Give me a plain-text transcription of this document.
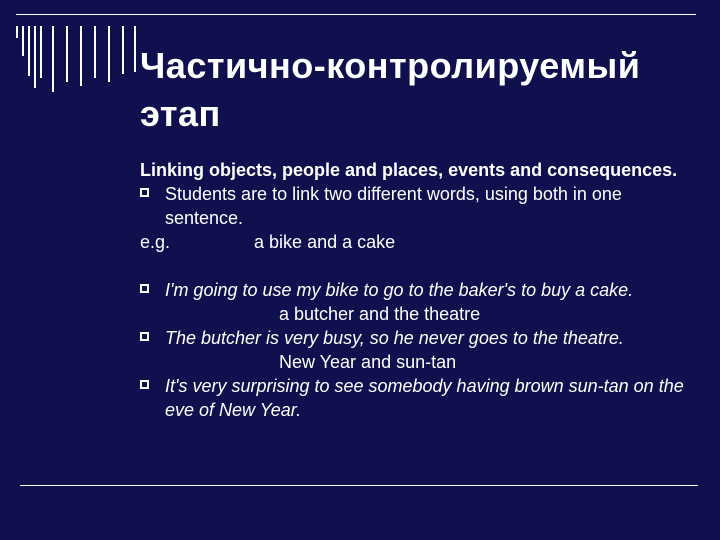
Частично-контролируемый
этап

Linking objects, people and places, events and consequences.

Students are to link two different words, using both in one sentence.

e.g.	a bike and a cake

I'm going to use my bike to go to the baker's to buy a cake.

a butcher and the theatre

The butcher is very busy, so he never goes to the theatre.

New Year and sun-tan

It's very surprising to see somebody having brown sun-tan on the eve of New Year.
